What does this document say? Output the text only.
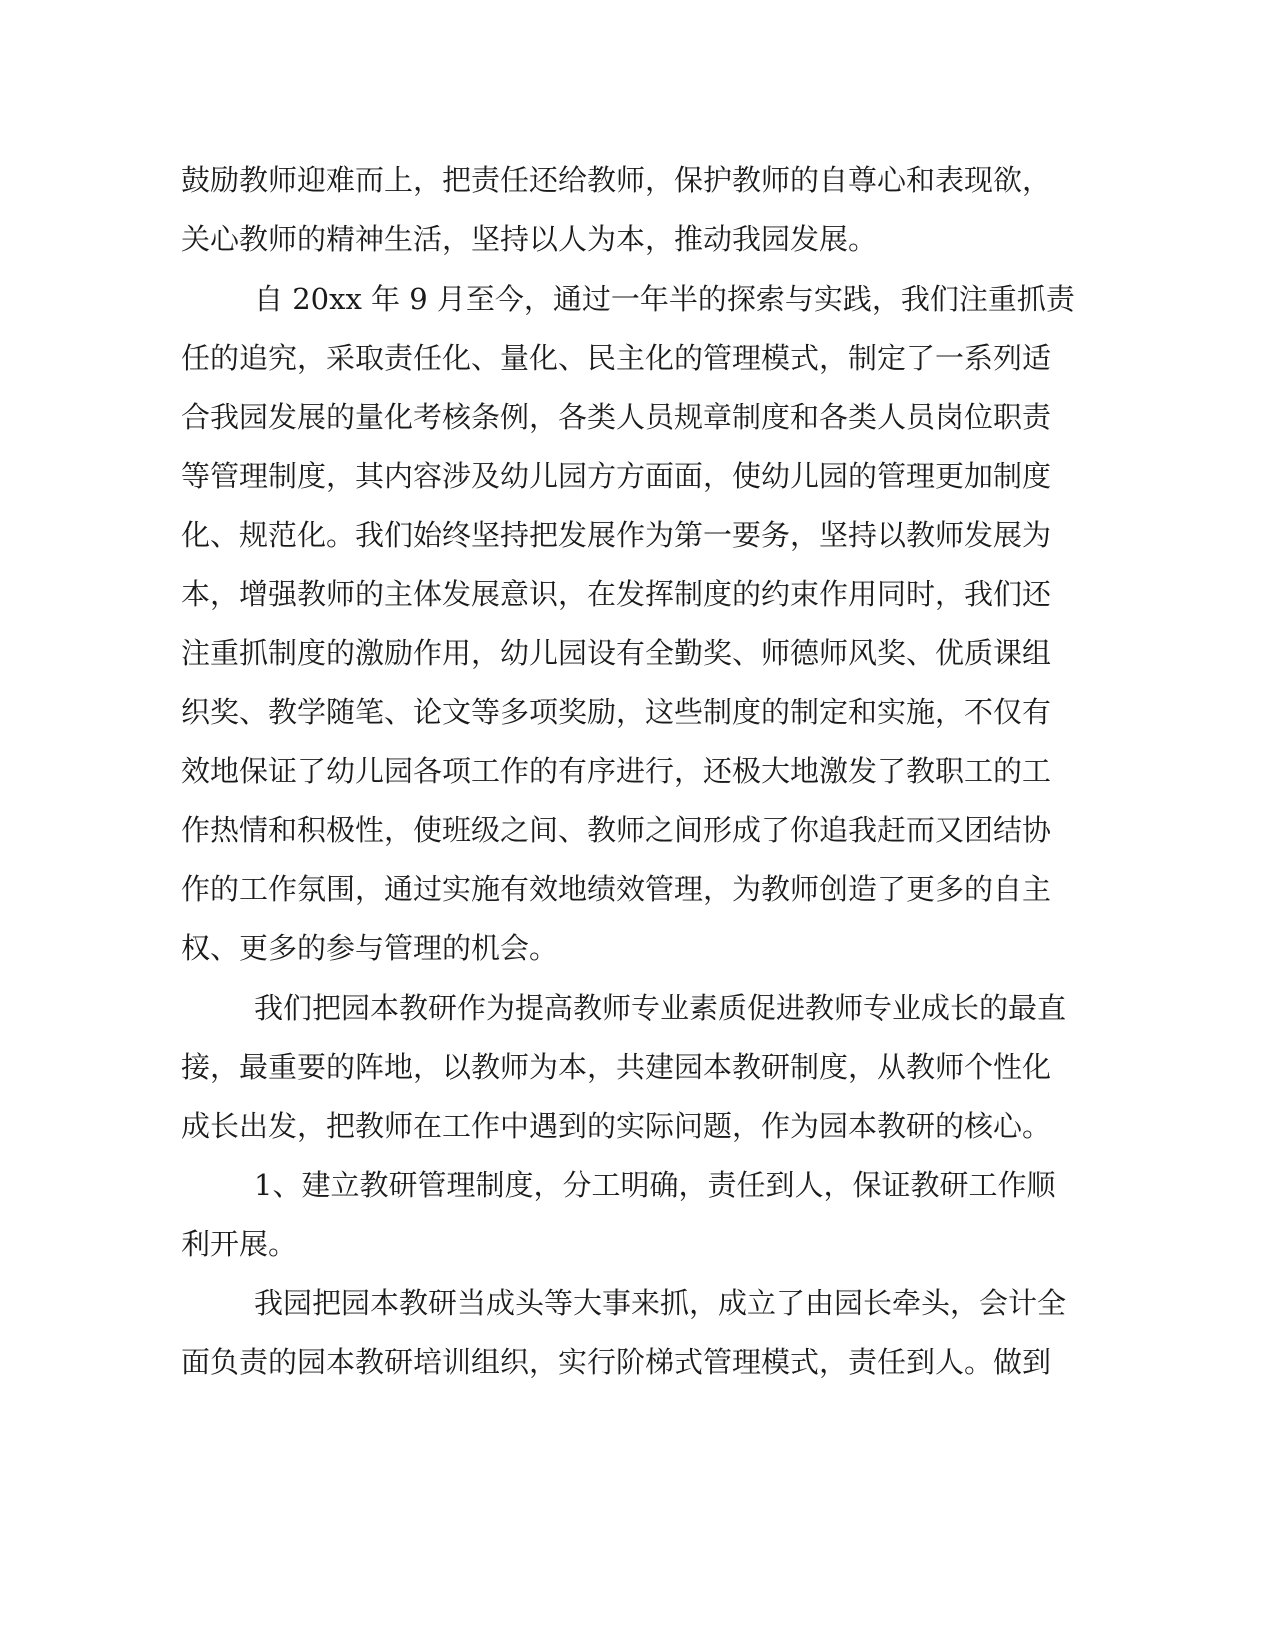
鼓励教师迎难而上，把责任还给教师，保护教师的自尊心和表现欲，

关心教师的精神生活，坚持以人为本，推动我园发展。

自 20xx 年 9 月至今，通过一年半的探索与实践，我们注重抓责

任的追究，采取责任化、量化、民主化的管理模式，制定了一系列适

合我园发展的量化考核条例，各类人员规章制度和各类人员岗位职责

等管理制度，其内容涉及幼儿园方方面面，使幼儿园的管理更加制度

化、规范化。我们始终坚持把发展作为第一要务，坚持以教师发展为

本，增强教师的主体发展意识，在发挥制度的约束作用同时，我们还

注重抓制度的激励作用，幼儿园设有全勤奖、师德师风奖、优质课组

织奖、教学随笔、论文等多项奖励，这些制度的制定和实施，不仅有

效地保证了幼儿园各项工作的有序进行，还极大地激发了教职工的工

作热情和积极性，使班级之间、教师之间形成了你追我赶而又团结协

作的工作氛围，通过实施有效地绩效管理，为教师创造了更多的自主

权、更多的参与管理的机会。

我们把园本教研作为提高教师专业素质促进教师专业成长的最直

接，最重要的阵地，以教师为本，共建园本教研制度，从教师个性化

成长出发，把教师在工作中遇到的实际问题，作为园本教研的核心。

1、建立教研管理制度，分工明确，责任到人，保证教研工作顺

利开展。

我园把园本教研当成头等大事来抓，成立了由园长牵头，会计全

面负责的园本教研培训组织，实行阶梯式管理模式，责任到人。做到
